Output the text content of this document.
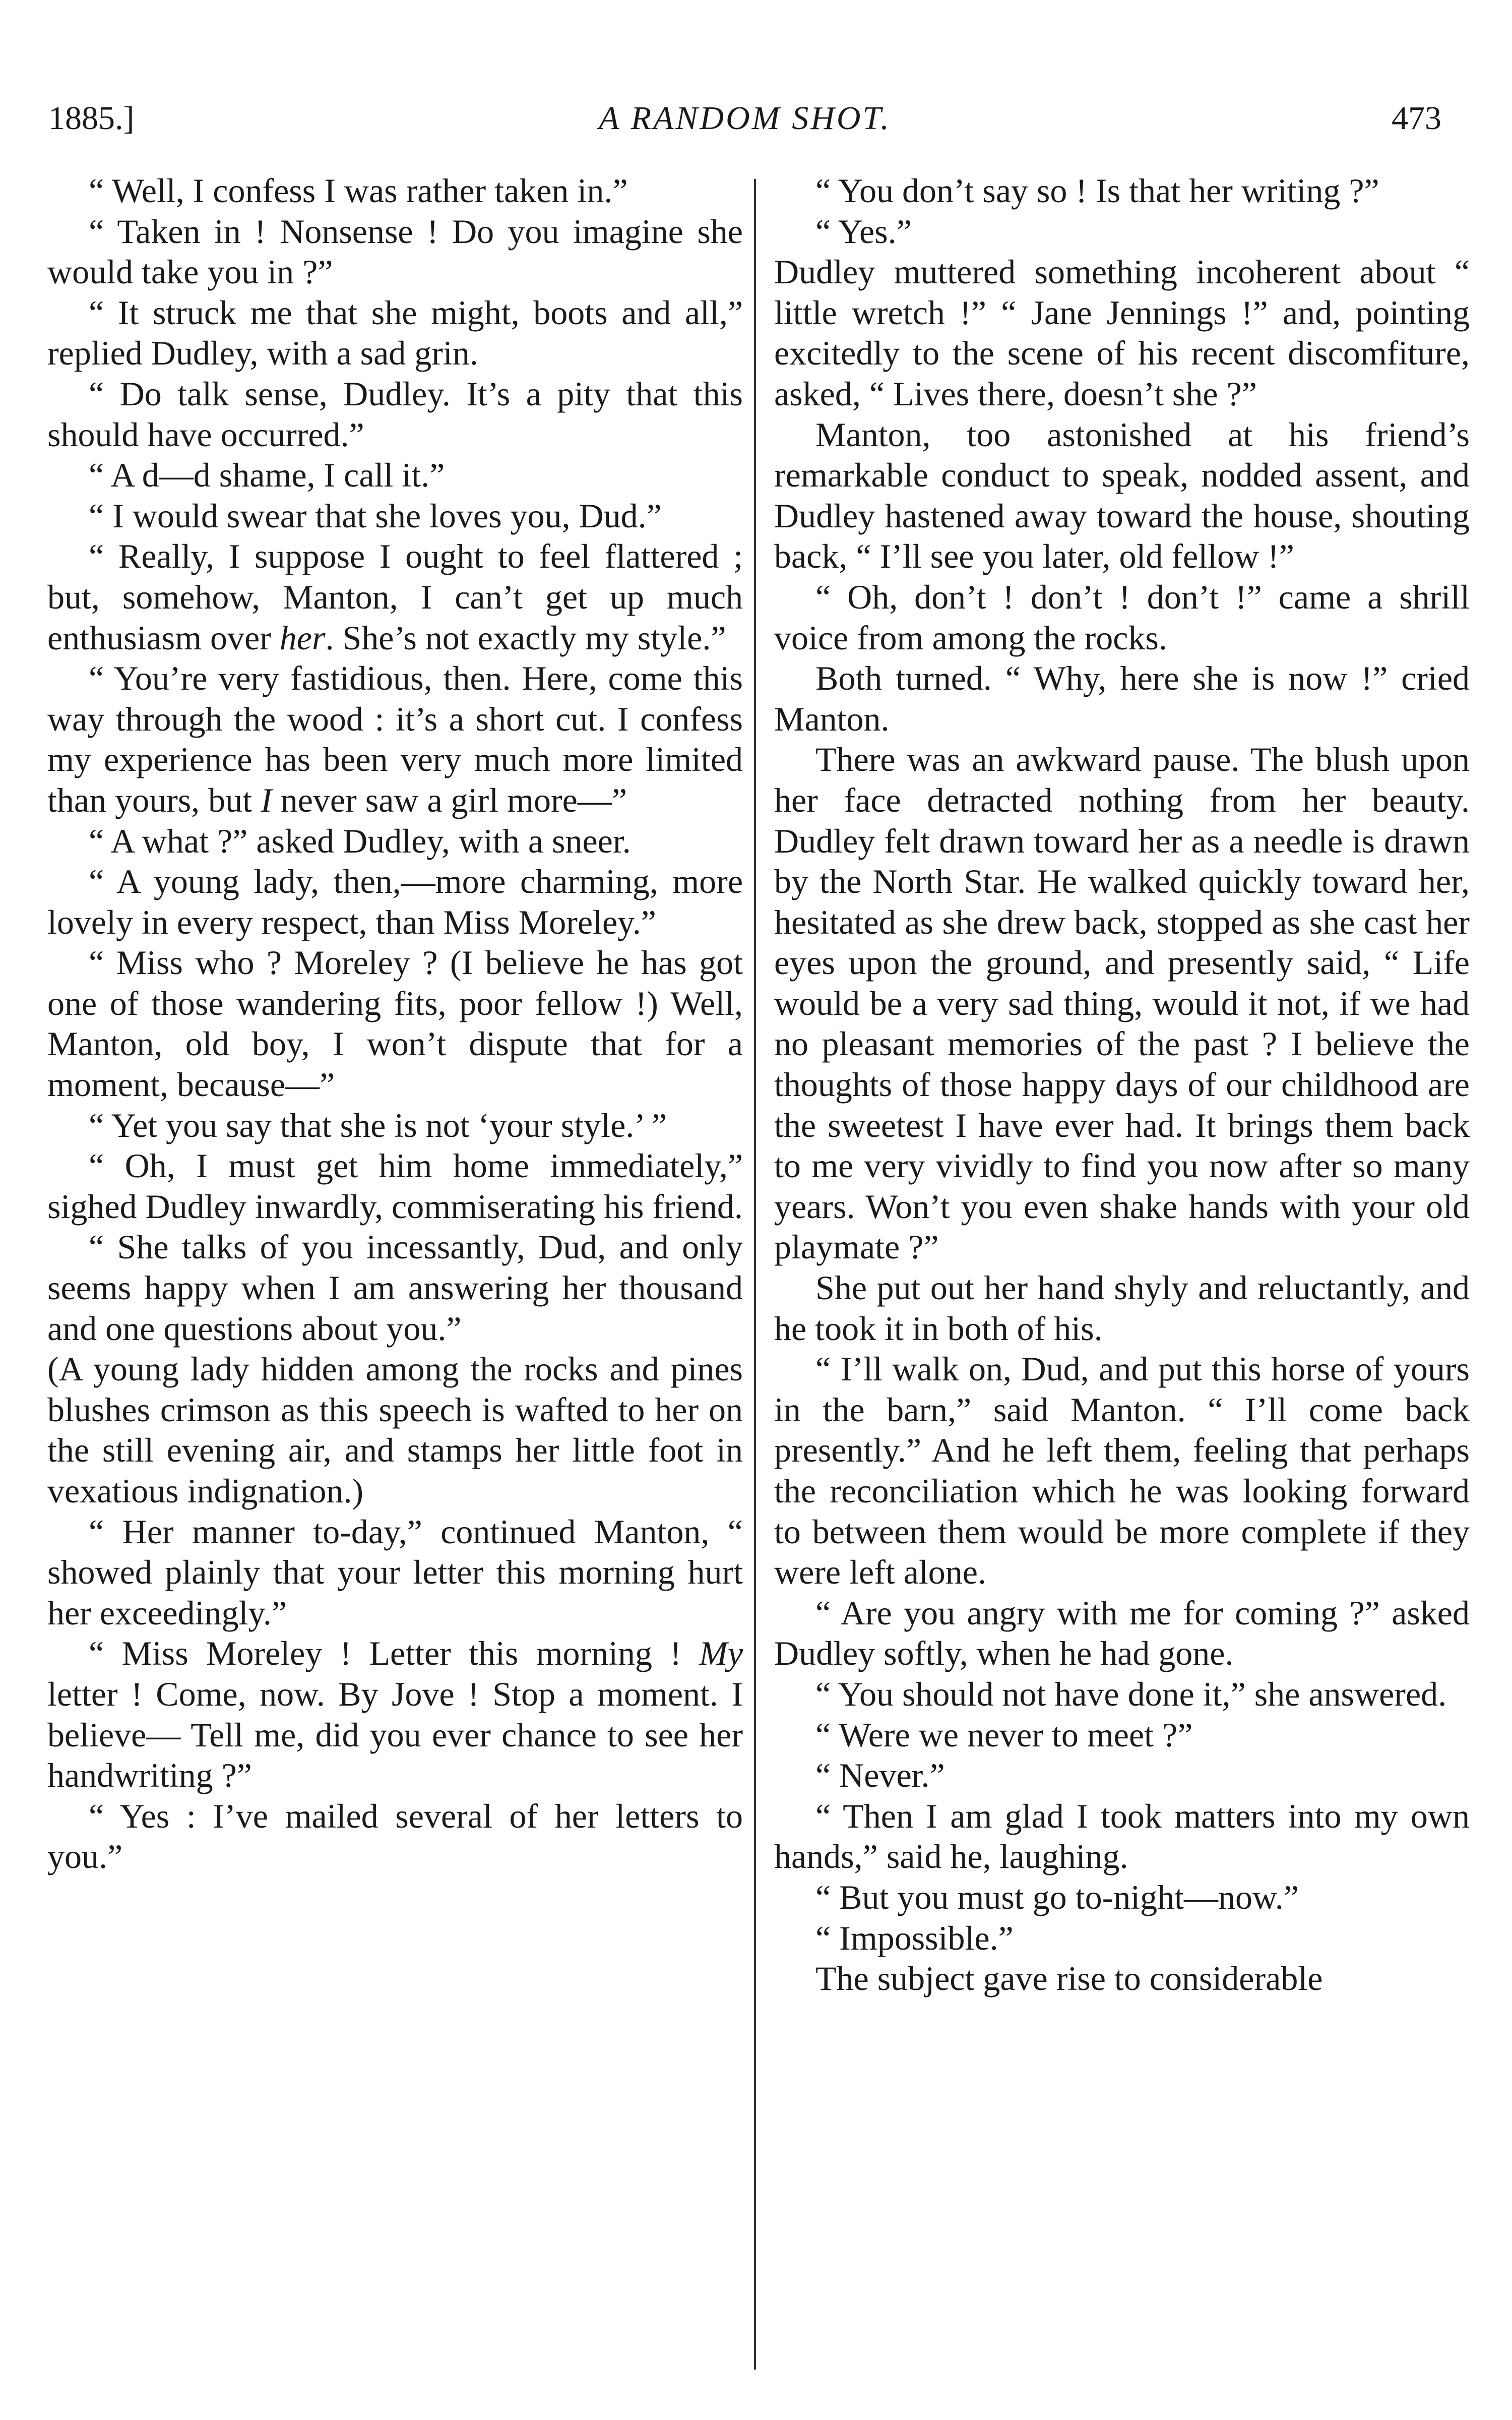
1885.]	A RANDOM SHOT.	473

“ Well, I confess I was rather taken in.”

“ Taken in ! Nonsense ! Do you imagine she would take you in ?”

“ It struck me that she might, boots and all,” replied Dudley, with a sad grin.

“ Do talk sense, Dudley. It’s a pity that this should have occurred.”

“ A d—d shame, I call it.”

“ I would swear that she loves you, Dud.”

“ Really, I suppose I ought to feel flattered ; but, somehow, Manton, I can’t get up much enthusiasm over her. She’s not exactly my style.”

“ You’re very fastidious, then. Here, come this way through the wood : it’s a short cut. I confess my experience has been very much more limited than yours, but I never saw a girl more—”

“ A what ?” asked Dudley, with a sneer.

“ A young lady, then,—more charming, more lovely in every respect, than Miss Moreley.”

“ Miss who ? Moreley ? (I believe he has got one of those wandering fits, poor fellow !) Well, Manton, old boy, I won’t dispute that for a moment, because—”

“ Yet you say that she is not ‘your style.’ ”

“ Oh, I must get him home immediately,” sighed Dudley inwardly, commiserating his friend.

“ She talks of you incessantly, Dud, and only seems happy when I am answering her thousand and one questions about you.”

(A young lady hidden among the rocks and pines blushes crimson as this speech is wafted to her on the still evening air, and stamps her little foot in vexatious indignation.)

“ Her manner to-day,” continued Manton, “ showed plainly that your letter this morning hurt her exceedingly.”

“ Miss Moreley ! Letter this morning ! My letter ! Come, now. By Jove ! Stop a moment. I believe— Tell me, did you ever chance to see her handwriting ?”

“ Yes : I’ve mailed several of her letters to you.”

“ You don’t say so ! Is that her writing ?”

“ Yes.”

Dudley muttered something incoherent about “ little wretch !” “ Jane Jennings !” and, pointing excitedly to the scene of his recent discomfiture, asked, “ Lives there, doesn’t she ?”

Manton, too astonished at his friend’s remarkable conduct to speak, nodded assent, and Dudley hastened away toward the house, shouting back, “ I’ll see you later, old fellow !”

“ Oh, don’t ! don’t ! don’t !” came a shrill voice from among the rocks.

Both turned. “ Why, here she is now !” cried Manton.

There was an awkward pause. The blush upon her face detracted nothing from her beauty. Dudley felt drawn toward her as a needle is drawn by the North Star. He walked quickly toward her, hesitated as she drew back, stopped as she cast her eyes upon the ground, and presently said, “ Life would be a very sad thing, would it not, if we had no pleasant memories of the past ? I believe the thoughts of those happy days of our childhood are the sweetest I have ever had. It brings them back to me very vividly to find you now after so many years. Won’t you even shake hands with your old playmate ?”

She put out her hand shyly and reluctantly, and he took it in both of his.

“ I’ll walk on, Dud, and put this horse of yours in the barn,” said Manton. “ I’ll come back presently.” And he left them, feeling that perhaps the reconciliation which he was looking forward to between them would be more complete if they were left alone.

“ Are you angry with me for coming ?” asked Dudley softly, when he had gone.

“ You should not have done it,” she answered.

“ Were we never to meet ?”

“ Never.”

“ Then I am glad I took matters into my own hands,” said he, laughing.

“ But you must go to-night—now.”

“ Impossible.”

The subject gave rise to considerable
